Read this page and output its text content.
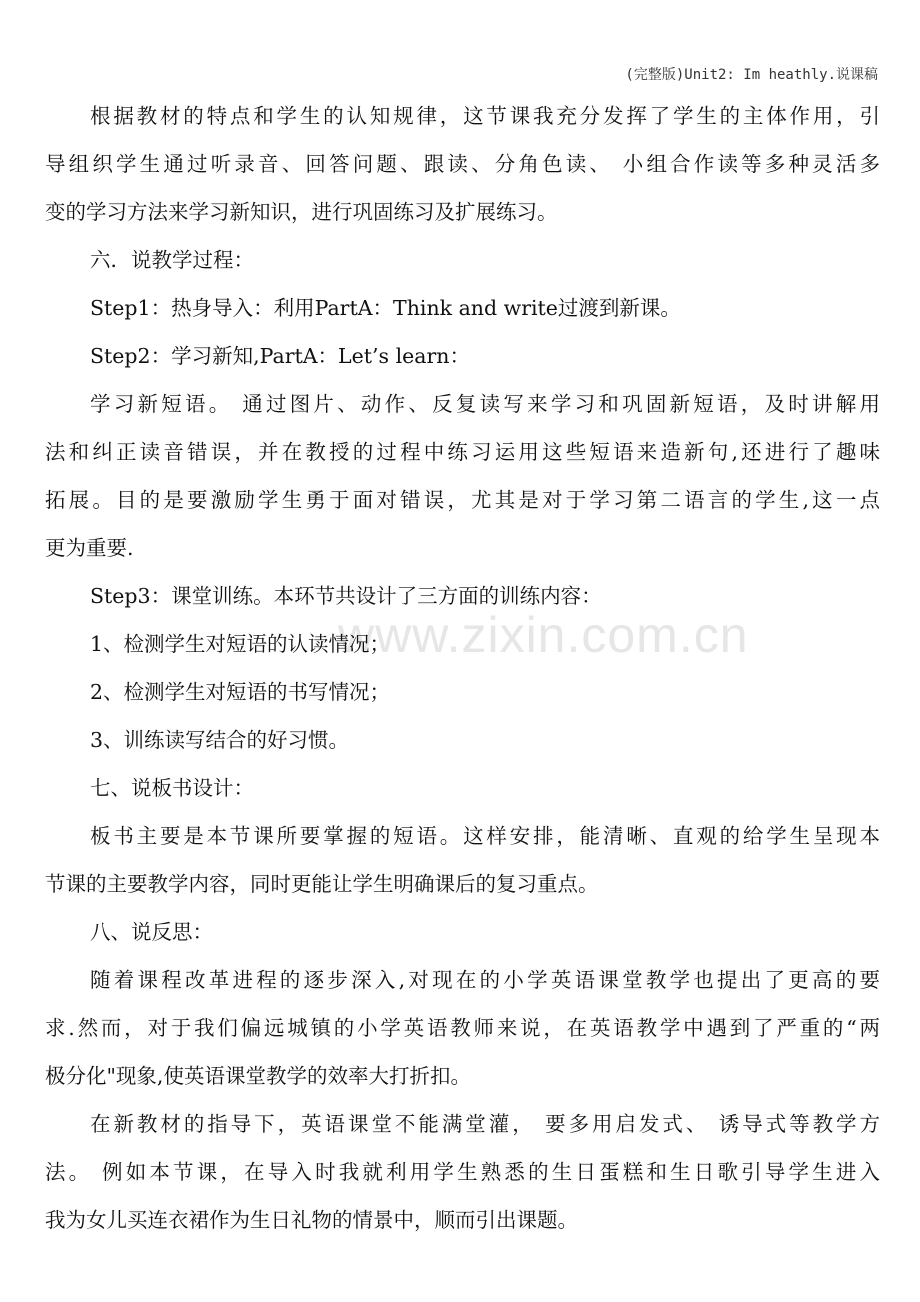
(完整版)Unit2: Im heathly.说课稿
www.zixin.com.cn
根据教材的特点和学生的认知规律，这节课我充分发挥了学生的主体作用，引
导组织学生通过听录音、回答问题、跟读、分角色读、 小组合作读等多种灵活多
变的学习方法来学习新知识，进行巩固练习及扩展练习。
六．说教学过程：
Step1：热身导入：利用PartA：Think and write过渡到新课。
Step2：学习新知,PartA：Let’s learn：
学习新短语。 通过图片、动作、反复读写来学习和巩固新短语，及时讲解用
法和纠正读音错误，并在教授的过程中练习运用这些短语来造新句,还进行了趣味
拓展。目的是要激励学生勇于面对错误，尤其是对于学习第二语言的学生,这一点
更为重要.
Step3：课堂训练。本环节共设计了三方面的训练内容：
1、检测学生对短语的认读情况；
2、检测学生对短语的书写情况；
3、训练读写结合的好习惯。
七、说板书设计：
板书主要是本节课所要掌握的短语。这样安排，能清晰、直观的给学生呈现本
节课的主要教学内容，同时更能让学生明确课后的复习重点。
八、说反思：
随着课程改革进程的逐步深入,对现在的小学英语课堂教学也提出了更高的要
求.然而，对于我们偏远城镇的小学英语教师来说，在英语教学中遇到了严重的“两
极分化"现象,使英语课堂教学的效率大打折扣。
在新教材的指导下，英语课堂不能满堂灌， 要多用启发式、 诱导式等教学方
法。 例如本节课，在导入时我就利用学生熟悉的生日蛋糕和生日歌引导学生进入
我为女儿买连衣裙作为生日礼物的情景中，顺而引出课题。
